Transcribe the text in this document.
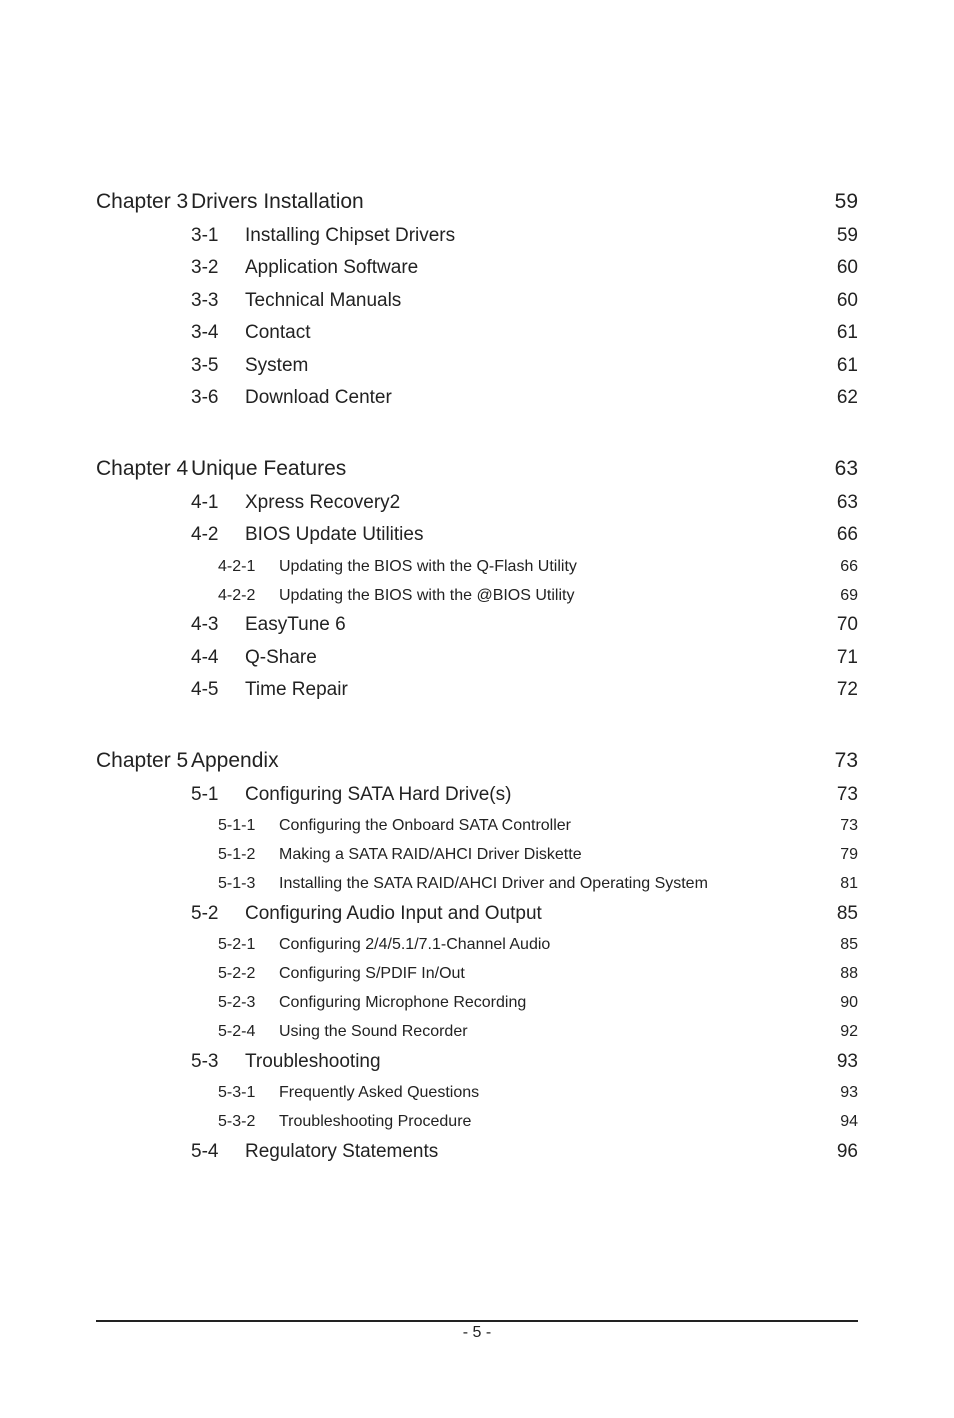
Chapter 3 Drivers Installation	59
3-1	Installing Chipset Drivers	59
3-2	Application Software	60
3-3	Technical Manuals	60
3-4	Contact	61
3-5	System	61
3-6	Download Center	62
Chapter 4 Unique Features	63
4-1	Xpress Recovery2	63
4-2	BIOS Update Utilities	66
4-2-1	Updating the BIOS with the Q-Flash Utility	66
4-2-2	Updating the BIOS with the @BIOS Utility	69
4-3	EasyTune 6	70
4-4	Q-Share	71
4-5	Time Repair	72
Chapter 5 Appendix	73
5-1	Configuring SATA Hard Drive(s)	73
5-1-1	Configuring the Onboard SATA Controller	73
5-1-2	Making a SATA RAID/AHCI Driver Diskette	79
5-1-3	Installing the SATA RAID/AHCI Driver and Operating System	81
5-2	Configuring Audio Input and Output	85
5-2-1	Configuring 2/4/5.1/7.1-Channel Audio	85
5-2-2	Configuring S/PDIF In/Out	88
5-2-3	Configuring Microphone Recording	90
5-2-4	Using the Sound Recorder	92
5-3	Troubleshooting	93
5-3-1	Frequently Asked Questions	93
5-3-2	Troubleshooting Procedure	94
5-4	Regulatory Statements	96
- 5 -
